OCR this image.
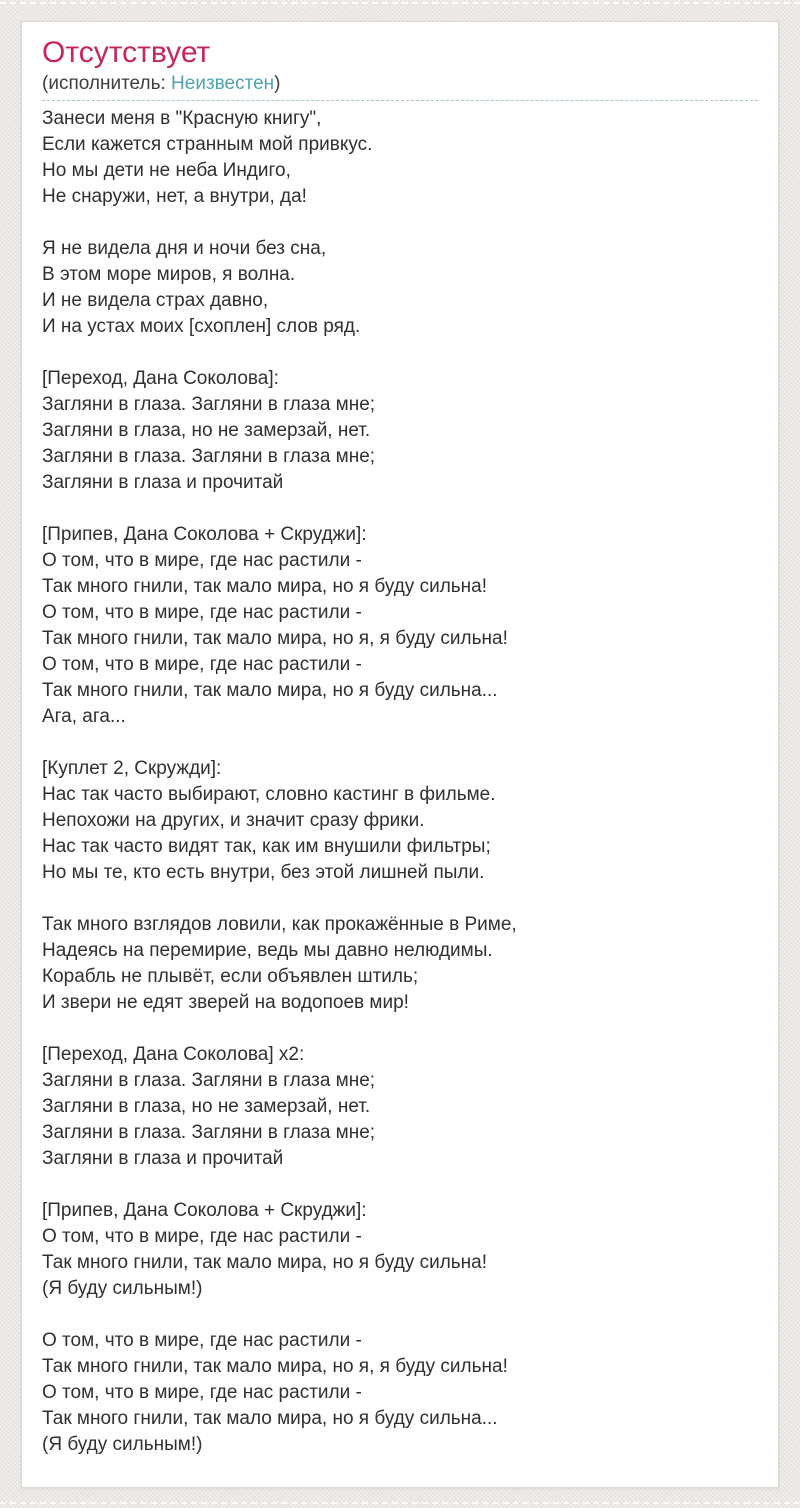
Отсутствует
(исполнитель: Неизвестен)
Занеси меня в "Красную книгу",
Если кажется странным мой привкус.
Но мы дети не неба Индиго,
Не снаружи, нет, а внутри, да!

Я не видела дня и ночи без сна,
В этом море миров, я волна.
И не видела страх давно,
И на устах моих [схоплен] слов ряд.

[Переход, Дана Соколова]:
Загляни в глаза. Загляни в глаза мне;
Загляни в глаза, но не замерзай, нет.
Загляни в глаза. Загляни в глаза мне;
Загляни в глаза и прочитай

[Припев, Дана Соколова + Скруджи]:
О том, что в мире, где нас растили -
Так много гнили, так мало мира, но я буду сильна!
О том, что в мире, где нас растили -
Так много гнили, так мало мира, но я, я буду сильна!
О том, что в мире, где нас растили -
Так много гнили, так мало мира, но я буду сильна...
Ага, ага...

[Куплет 2, Скружди]:
Нас так часто выбирают, словно кастинг в фильме.
Непохожи на других, и значит сразу фрики.
Нас так часто видят так, как им внушили фильтры;
Но мы те, кто есть внутри, без этой лишней пыли.

Так много взглядов ловили, как прокажённые в Риме,
Надеясь на перемирие, ведь мы давно нелюдимы.
Корабль не плывёт, если объявлен штиль;
И звери не едят зверей на водопоев мир!

[Переход, Дана Соколова] x2:
Загляни в глаза. Загляни в глаза мне;
Загляни в глаза, но не замерзай, нет.
Загляни в глаза. Загляни в глаза мне;
Загляни в глаза и прочитай

[Припев, Дана Соколова + Скруджи]:
О том, что в мире, где нас растили -
Так много гнили, так мало мира, но я буду сильна!
(Я буду сильным!)

О том, что в мире, где нас растили -
Так много гнили, так мало мира, но я, я буду сильна!
О том, что в мире, где нас растили -
Так много гнили, так мало мира, но я буду сильна...
(Я буду сильным!)
